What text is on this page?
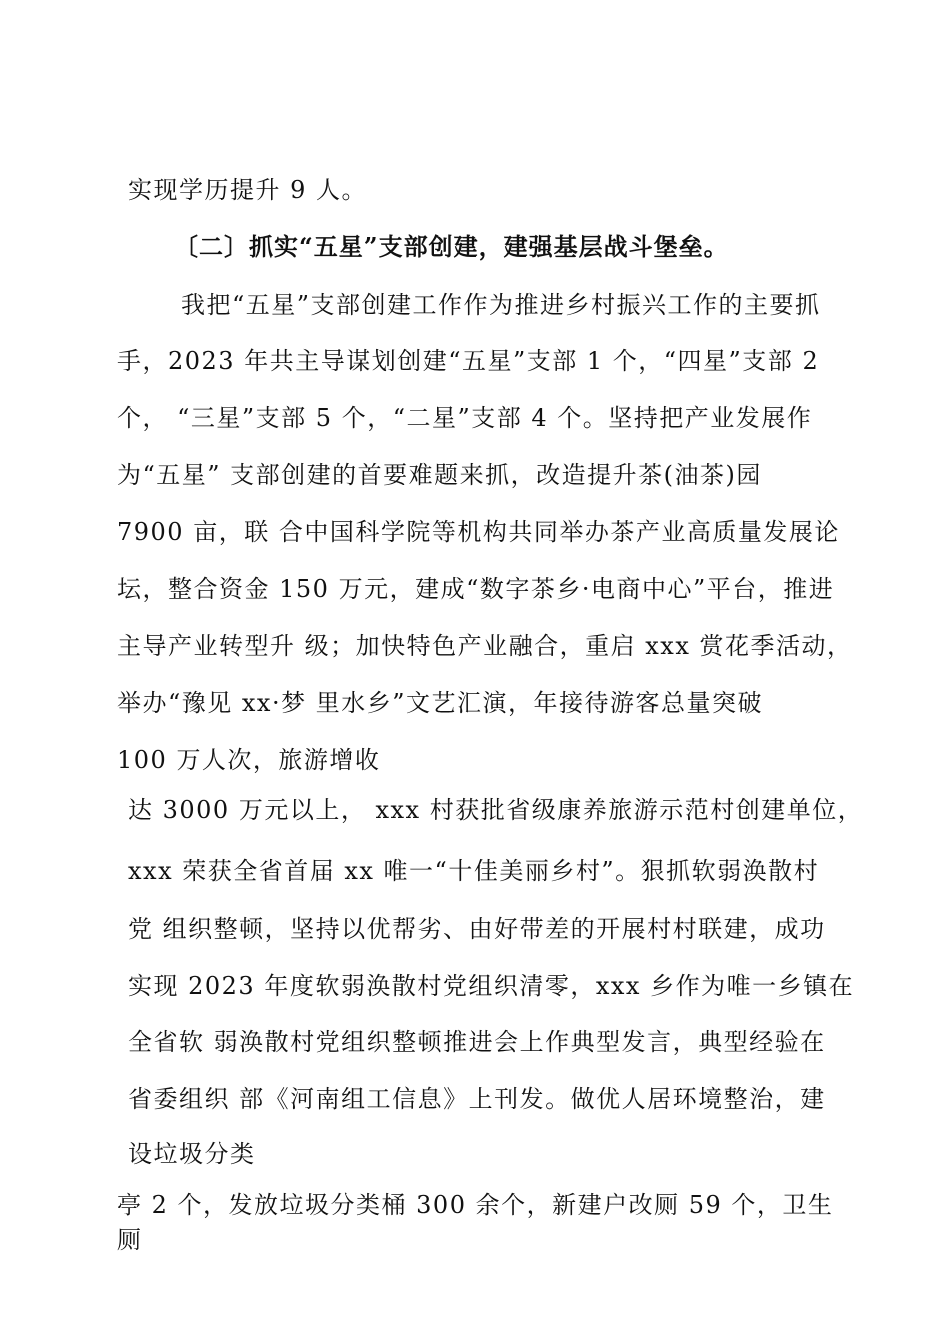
实现学历提升 9 人。
〔二〕抓实“五星”支部创建，建强基层战斗堡垒。
我把“五星”支部创建工作作为推进乡村振兴工作的主要抓
手，2023 年共主导谋划创建“五星”支部 1 个，“四星”支部 2
个， “三星”支部 5 个，“二星”支部 4 个。坚持把产业发展作
为“五星” 支部创建的首要难题来抓，改造提升茶(油茶)园
7900 亩，联 合中国科学院等机构共同举办茶产业高质量发展论
坛，整合资金 150 万元，建成“数字茶乡·电商中心”平台，推进
主导产业转型升 级；加快特色产业融合，重启 xxx 赏花季活动，
举办“豫见 xx·梦 里水乡”文艺汇演，年接待游客总量突破
100 万人次，旅游增收
达 3000 万元以上， xxx 村获批省级康养旅游示范村创建单位，
xxx 荣获全省首届 xx 唯一“十佳美丽乡村”。狠抓软弱涣散村
党 组织整顿，坚持以优帮劣、由好带差的开展村村联建，成功
实现 2023 年度软弱涣散村党组织清零，xxx 乡作为唯一乡镇在
全省软 弱涣散村党组织整顿推进会上作典型发言，典型经验在
省委组织 部《河南组工信息》上刊发。做优人居环境整治，建
设垃圾分类
亭 2 个，发放垃圾分类桶 300 余个，新建户改厕 59 个，卫生
厕
